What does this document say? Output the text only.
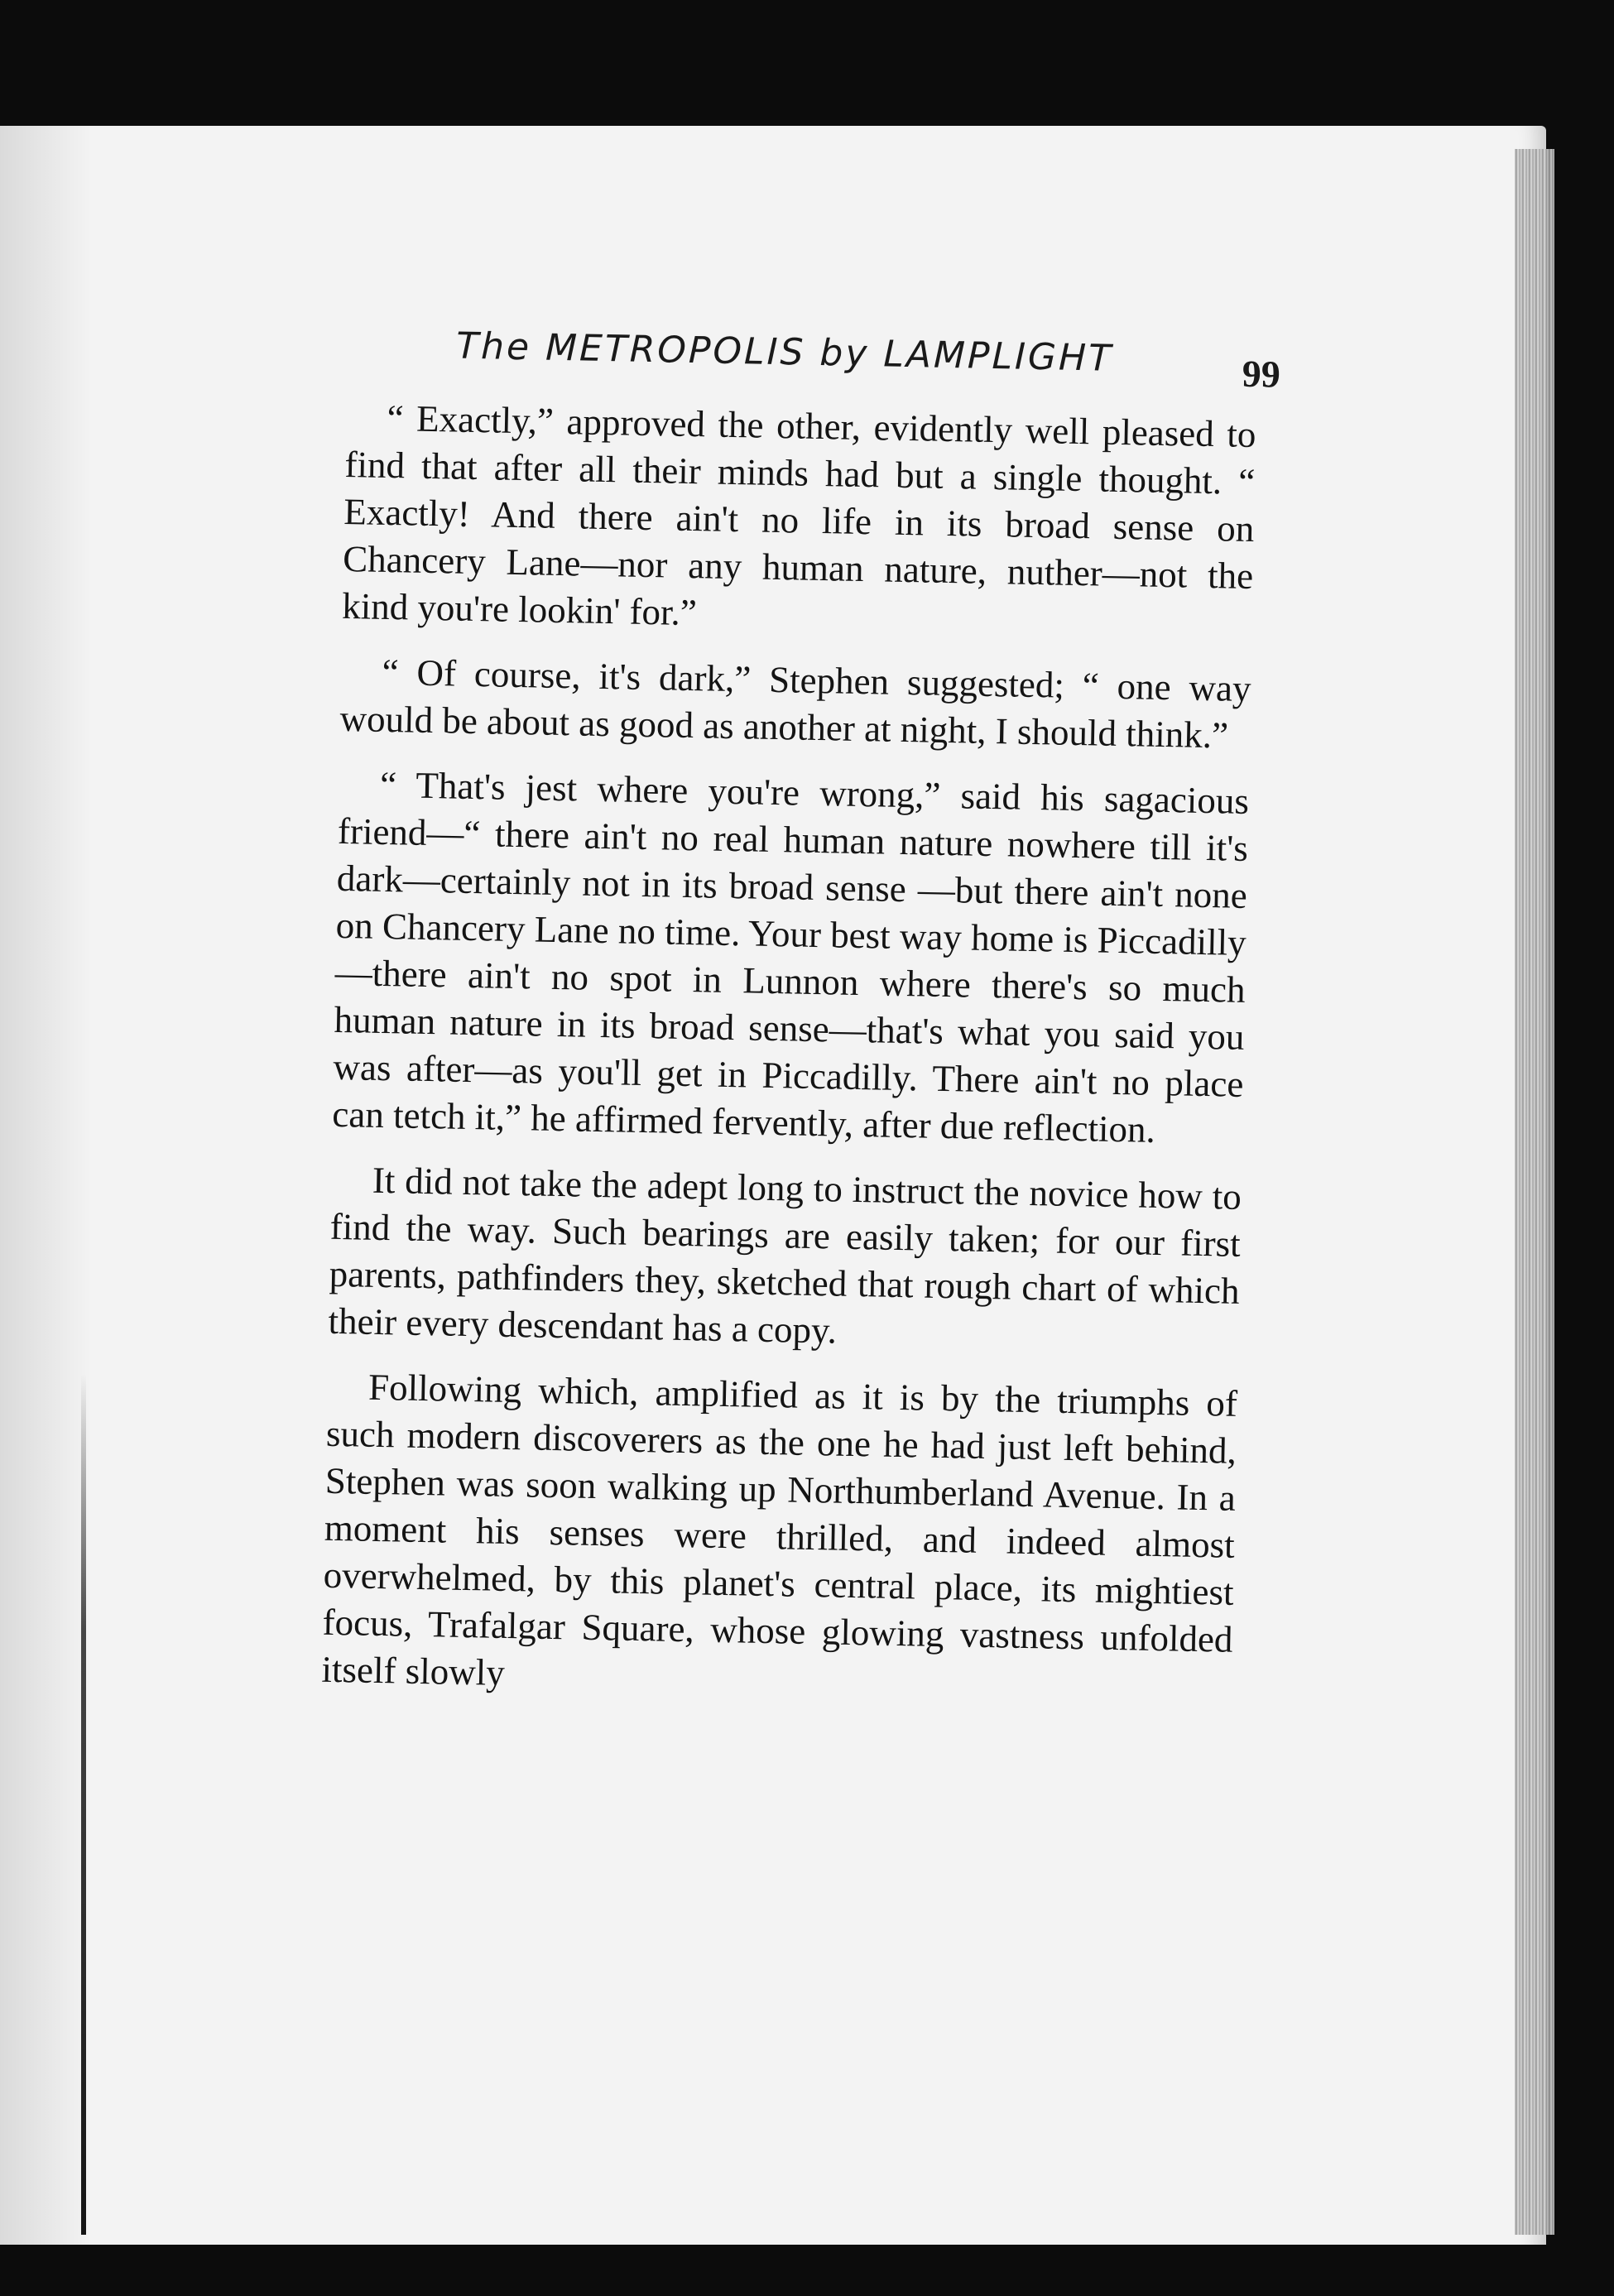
The METROPOLIS by LAMPLIGHT	99

“ Exactly,” approved the other, evidently well pleased to find that after all their minds had but a single thought. “ Exactly! And there ain't no life in its broad sense on Chancery Lane—nor any human nature, nuther—not the kind you're lookin' for.”

“ Of course, it's dark,” Stephen suggested; “ one way would be about as good as another at night, I should think.”

“ That's jest where you're wrong,” said his sagacious friend—“ there ain't no real human nature nowhere till it's dark—certainly not in its broad sense —but there ain't none on Chancery Lane no time. Your best way home is Piccadilly—there ain't no spot in Lunnon where there's so much human nature in its broad sense—that's what you said you was after—as you'll get in Piccadilly. There ain't no place can tetch it,” he affirmed fervently, after due reflection.

It did not take the adept long to instruct the novice how to find the way. Such bearings are easily taken; for our first parents, pathfinders they, sketched that rough chart of which their every descendant has a copy.

Following which, amplified as it is by the triumphs of such modern discoverers as the one he had just left behind, Stephen was soon walking up Northumberland Avenue. In a moment his senses were thrilled, and indeed almost overwhelmed, by this planet's central place, its mightiest focus, Trafalgar Square, whose glowing vastness unfolded itself slowly
